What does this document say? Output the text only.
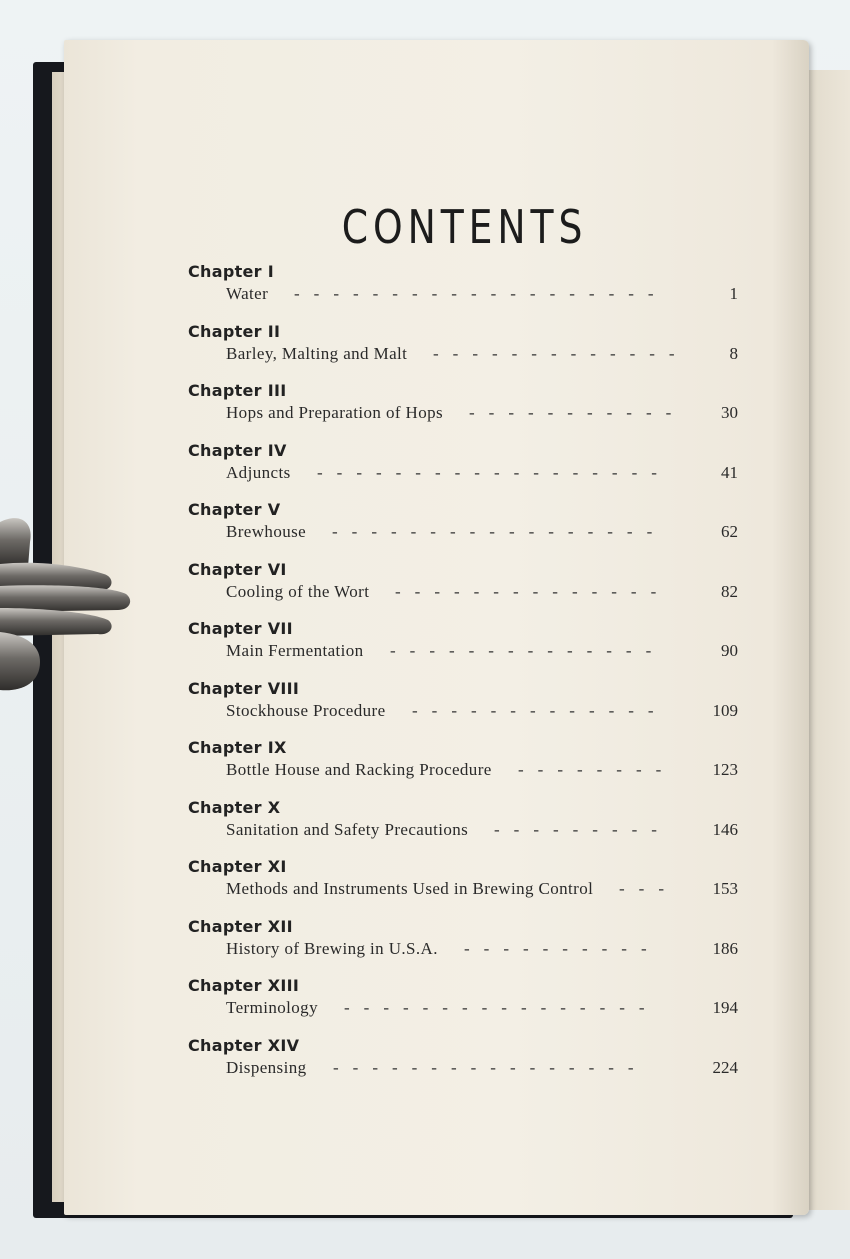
CONTENTS
Chapter I
Water -------------------	1
Chapter II
Barley, Malting and Malt -------------	8
Chapter III
Hops and Preparation of Hops -----------	30
Chapter IV
Adjuncts ------------------	41
Chapter V
Brewhouse -----------------	62
Chapter VI
Cooling of the Wort --------------	82
Chapter VII
Main Fermentation --------------	90
Chapter VIII
Stockhouse Procedure -------------	109
Chapter IX
Bottle House and Racking Procedure --------	123
Chapter X
Sanitation and Safety Precautions ---------	146
Chapter XI
Methods and Instruments Used in Brewing Control --- 153
Chapter XII
History of Brewing in U.S.A. ----------	186
Chapter XIII
Terminology ----------------	194
Chapter XIV
Dispensing ----------------	224
